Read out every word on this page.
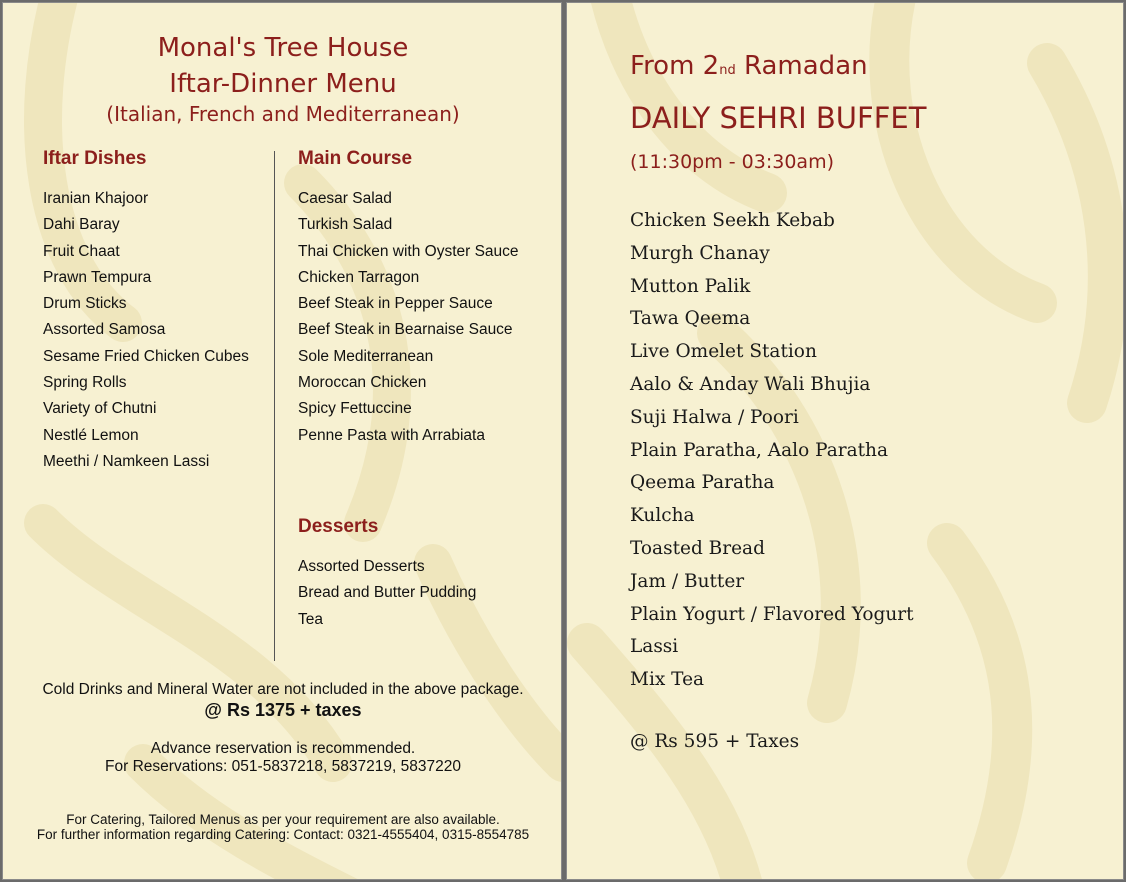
Monal's Tree House
Iftar-Dinner Menu
(Italian, French and Mediterranean)
Iftar Dishes
Iranian Khajoor
Dahi Baray
Fruit Chaat
Prawn Tempura
Drum Sticks
Assorted Samosa
Sesame Fried Chicken Cubes
Spring Rolls
Variety of Chutni
Nestlé Lemon
Meethi / Namkeen Lassi
Main Course
Caesar Salad
Turkish Salad
Thai Chicken with Oyster Sauce
Chicken Tarragon
Beef Steak in Pepper Sauce
Beef Steak in Bearnaise Sauce
Sole Mediterranean
Moroccan Chicken
Spicy Fettuccine
Penne Pasta with Arrabiata
Desserts
Assorted Desserts
Bread and Butter Pudding
Tea
Cold Drinks and Mineral Water are not included in the above package.
@ Rs 1375 + taxes
Advance reservation is recommended.
For Reservations: 051-5837218, 5837219, 5837220
For Catering, Tailored Menus as per your requirement are also available.
For further information regarding Catering: Contact: 0321-4555404, 0315-8554785
From 2nd Ramadan
DAILY SEHRI BUFFET
(11:30pm - 03:30am)
Chicken Seekh Kebab
Murgh Chanay
Mutton Palik
Tawa Qeema
Live Omelet Station
Aalo & Anday Wali Bhujia
Suji Halwa / Poori
Plain Paratha, Aalo Paratha
Qeema Paratha
Kulcha
Toasted Bread
Jam / Butter
Plain Yogurt / Flavored Yogurt
Lassi
Mix Tea
@ Rs 595 + Taxes
